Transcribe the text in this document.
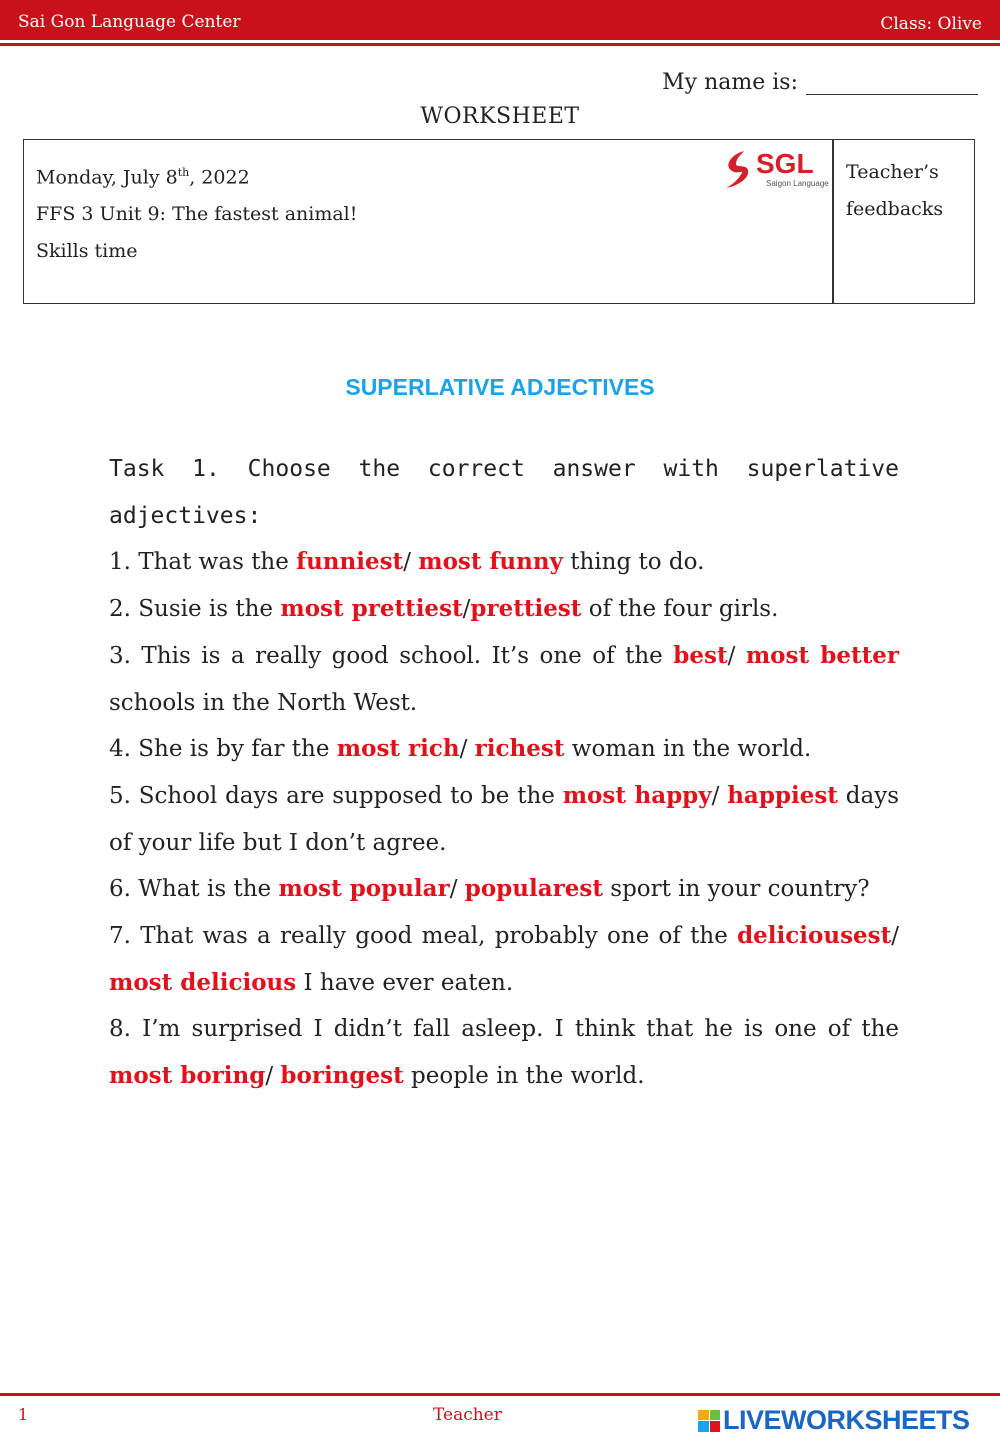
Sai Gon Language Center	Class: Olive
My name is:
WORKSHEET
Monday, July 8th, 2022
FFS 3 Unit 9: The fastest animal!
Skills time
SGL
Saigon Language
Teacher’s
feedbacks
SUPERLATIVE ADJECTIVES
Task 1. Choose the correct answer with superlative adjectives:
1. That was the funniest/ most funny thing to do.
2. Susie is the most prettiest/prettiest of the four girls.
3. This is a really good school. It’s one of the best/ most better schools in the North West.
4. She is by far the most rich/ richest woman in the world.
5. School days are supposed to be the most happy/ happiest days of your life but I don’t agree.
6. What is the most popular/ popularest sport in your country?
7. That was a really good meal, probably one of the deliciousest/ most delicious I have ever eaten.
8. I’m surprised I didn’t fall asleep. I think that he is one of the most boring/ boringest people in the world.
1	Teacher	LIVEWORKSHEETS
